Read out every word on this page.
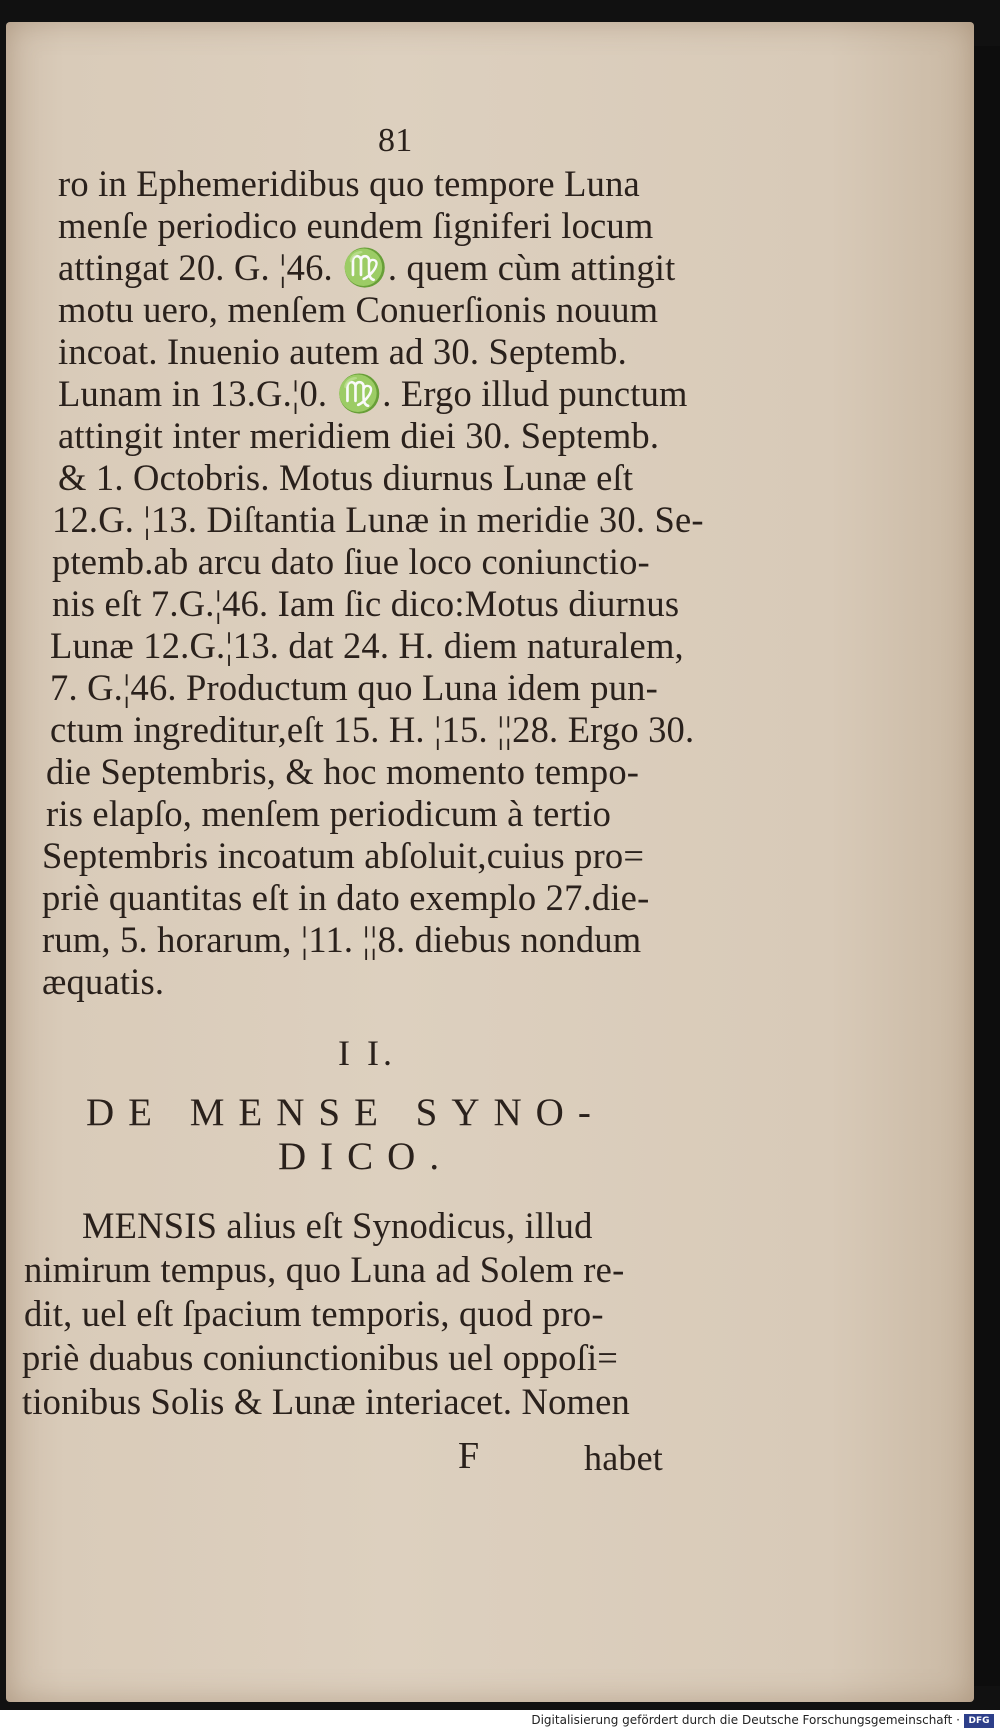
81
ro in Ephemeridibus quo tempore Luna
menſe periodico eundem ſigniferi locum
attingat 20. G. ¦46. ♍. quem cùm attingit
motu uero, menſem Conuerſionis nouum
incoat. Inuenio autem ad 30. Septemb.
Lunam in 13.G.¦0. ♍. Ergo illud punctum
attingit inter meridiem diei 30. Septemb.
& 1. Octobris. Motus diurnus Lunæ eſt
12.G. ¦13. Diſtantia Lunæ in meridie 30. Se-
ptemb.ab arcu dato ſiue loco coniunctio-
nis eſt 7.G.¦46. Iam ſic dico:Motus diurnus
Lunæ 12.G.¦13. dat 24. H. diem naturalem,
7. G.¦46. Productum quo Luna idem pun-
ctum ingreditur,eſt 15. H. ¦15. ¦¦28. Ergo 30.
die Septembris, & hoc momento tempo-
ris elapſo, menſem periodicum à tertio
Septembris incoatum abſoluit,cuius pro=
priè quantitas eſt in dato exemplo 27.die-
rum, 5. horarum, ¦11. ¦¦8. diebus nondum
æquatis.
I I.
DE MENSE SYNO-
DICO.
MENSIS alius eſt Synodicus, illud
nimirum tempus, quo Luna ad Solem re-
dit, uel eſt ſpacium temporis, quod pro-
priè duabus coniunctionibus uel oppoſi=
tionibus Solis & Lunæ interiacet. Nomen
F	habet
Digitalisierung gefördert durch die Deutsche Forschungsgemeinschaft · DFG
